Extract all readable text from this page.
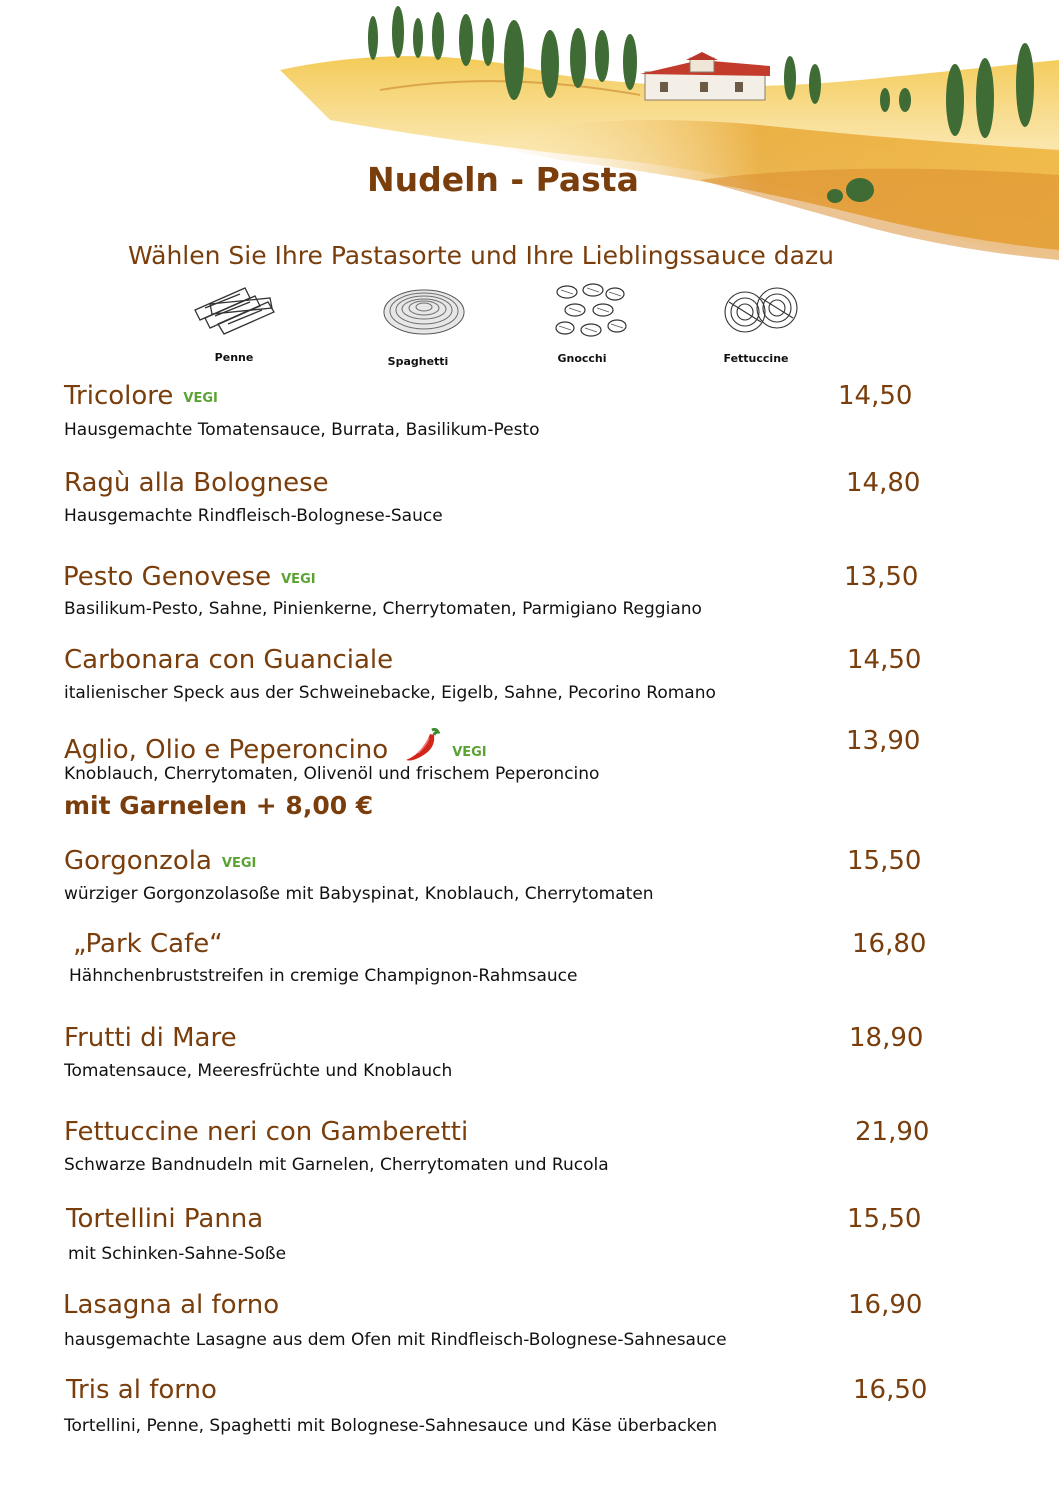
Nudeln - Pasta
Wählen Sie Ihre Pastasorte und Ihre Lieblingssauce dazu
Penne	Spaghetti	Gnocchi	Fettuccine
Tricolore VEGI	14,50
Hausgemachte Tomatensauce, Burrata, Basilikum-Pesto
Ragù alla Bolognese	14,80
Hausgemachte Rindfleisch-Bolognese-Sauce
Pesto Genovese VEGI	13,50
Basilikum-Pesto, Sahne, Pinienkerne, Cherrytomaten, Parmigiano Reggiano
Carbonara con Guanciale	14,50
italienischer Speck aus der Schweinebacke, Eigelb, Sahne, Pecorino Romano
Aglio, Olio e Peperoncino	VEGI	13,90
Knoblauch, Cherrytomaten, Olivenöl und frischem Peperoncino
mit Garnelen + 8,00 €
Gorgonzola VEGI	15,50
würziger Gorgonzolasoße mit Babyspinat, Knoblauch, Cherrytomaten
„Park Cafe“	16,80
Hähnchenbruststreifen in cremige Champignon-Rahmsauce
Frutti di Mare	18,90
Tomatensauce, Meeresfrüchte und Knoblauch
Fettuccine neri con Gamberetti	21,90
Schwarze Bandnudeln mit Garnelen, Cherrytomaten und Rucola
Tortellini Panna	15,50
mit Schinken-Sahne-Soße
Lasagna al forno	16,90
hausgemachte Lasagne aus dem Ofen mit Rindfleisch-Bolognese-Sahnesauce
Tris al forno	16,50
Tortellini, Penne, Spaghetti mit Bolognese-Sahnesauce und Käse überbacken
